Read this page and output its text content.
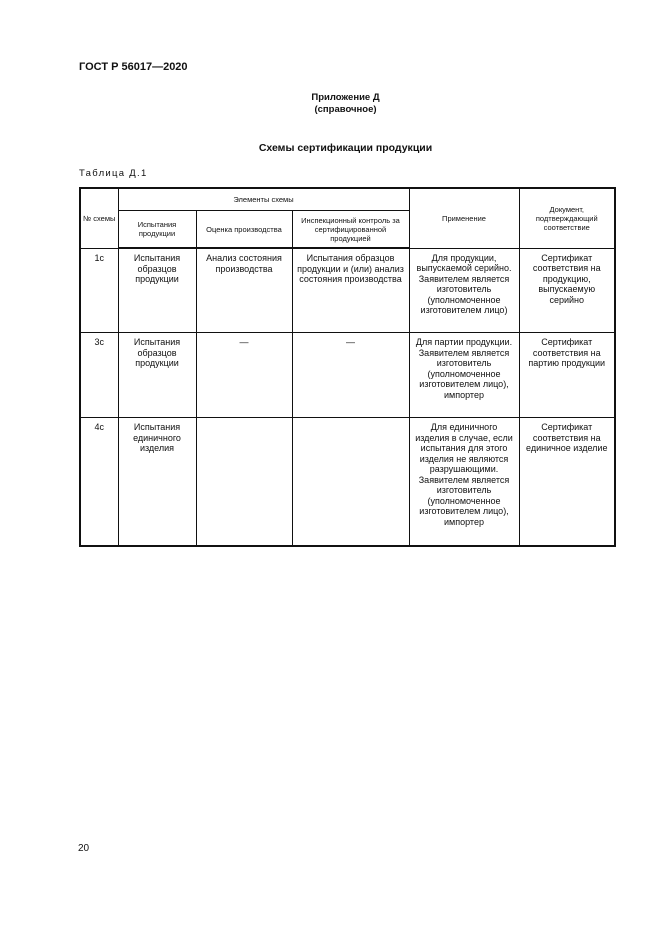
ГОСТ Р 56017—2020
Приложение Д
(справочное)
Схемы сертификации продукции
Таблица Д.1
№ схемы	Элементы схемы			Применение	Документ, подтверждающий соответствие
	Испытания продукции	Оценка производства	Инспекционный контроль за сертифицированной продукцией		
1с	Испытания образцов продукции	Анализ состояния производства	Испытания образцов продукции и (или) анализ состояния производства	Для продукции, выпускаемой серийно. Заявителем является изготовитель (уполномоченное изготовителем лицо)	Сертификат соответствия на продукцию, выпускаемую серийно
3с	Испытания образцов продукции	—	—	Для партии продукции. Заявителем является изготовитель (уполномоченное изготовителем лицо), импортер	Сертификат соответствия на партию продукции
4с	Испытания единичного изделия			Для единичного изделия в случае, если испытания для этого изделия не являются разрушающими. Заявителем является изготовитель (уполномоченное изготовителем лицо), импортер	Сертификат соответствия на единичное изделие
20
